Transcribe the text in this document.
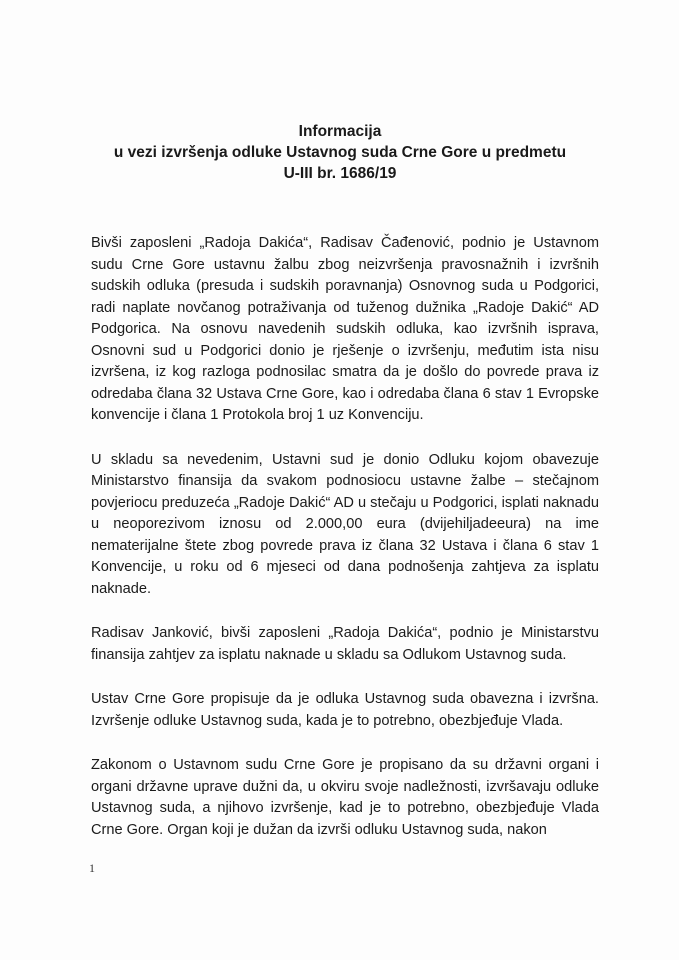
Informacija
u vezi izvršenja odluke Ustavnog suda Crne Gore u predmetu
U-III br. 1686/19

Bivši zaposleni „Radoja Dakića“, Radisav Čađenović, podnio je Ustavnom sudu Crne Gore ustavnu žalbu zbog neizvršenja pravosnažnih i izvršnih sudskih odluka (presuda i sudskih poravnanja) Osnovnog suda u Podgorici, radi naplate novčanog potraživanja od tuženog dužnika „Radoje Dakić“ AD Podgorica. Na osnovu navedenih sudskih odluka, kao izvršnih isprava, Osnovni sud u Podgorici donio je rješenje o izvršenju, međutim ista nisu izvršena, iz kog razloga podnosilac smatra da je došlo do povrede prava iz odredaba člana 32 Ustava Crne Gore, kao i odredaba člana 6 stav 1 Evropske konvencije i člana 1 Protokola broj 1 uz Konvenciju.

U skladu sa nevedenim, Ustavni sud je donio Odluku kojom obavezuje Ministarstvo finansija da svakom podnosiocu ustavne žalbe – stečajnom povjeriocu preduzeća „Radoje Dakić“ AD u stečaju u Podgorici, isplati naknadu u neoporezivom iznosu od 2.000,00 eura (dvijehiljadeeura) na ime nematerijalne štete zbog povrede prava iz člana 32 Ustava i člana 6 stav 1 Konvencije, u roku od 6 mjeseci od dana podnošenja zahtjeva za isplatu naknade.

Radisav Janković, bivši zaposleni „Radoja Dakića“, podnio je Ministarstvu finansija zahtjev za isplatu naknade u skladu sa Odlukom Ustavnog suda.

Ustav Crne Gore propisuje da je odluka Ustavnog suda obavezna i izvršna. Izvršenje odluke Ustavnog suda, kada je to potrebno, obezbjeđuje Vlada.

Zakonom o Ustavnom sudu Crne Gore je propisano da su državni organi i organi državne uprave dužni da, u okviru svoje nadležnosti, izvršavaju odluke Ustavnog suda, a njihovo izvršenje, kad je to potrebno, obezbjeđuje Vlada Crne Gore. Organ koji je dužan da izvrši odluku Ustavnog suda, nakon

1
